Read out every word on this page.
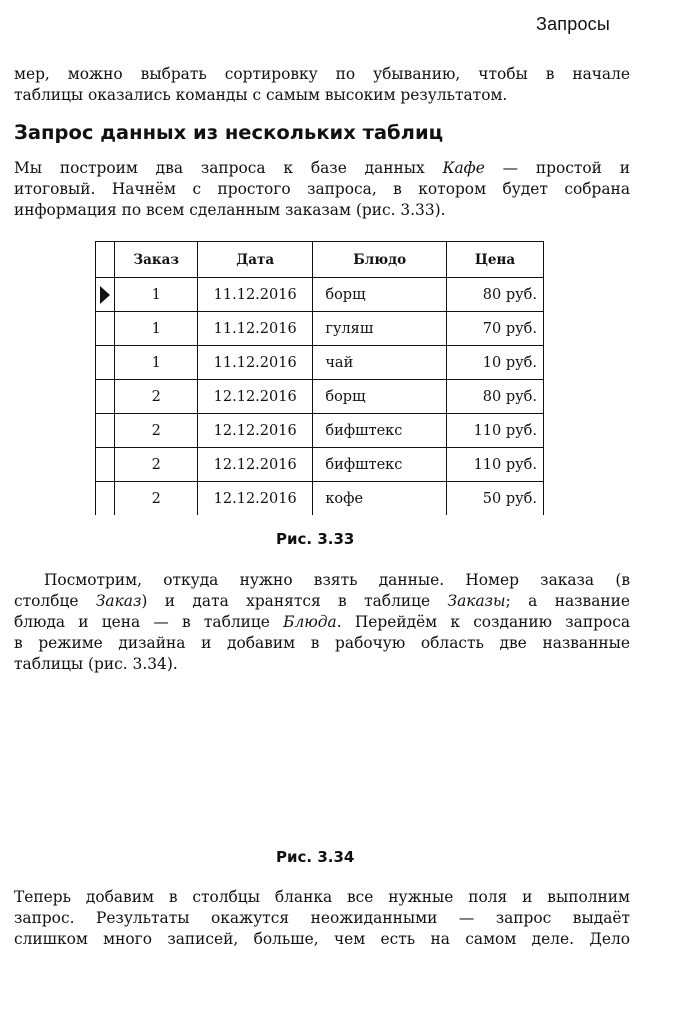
Запросы

мер, можно выбрать сортировку по убыванию, чтобы в начале
таблицы оказались команды с самым высоким результатом.

Запрос данных из нескольких таблиц

Мы построим два запроса к базе данных Кафе — простой и
итоговый. Начнём с простого запроса, в котором будет собрана
информация по всем сделанным заказам (рис. 3.33).

	Заказ	Дата	Блюдо	Цена
	1	11.12.2016	борщ	80 руб.
	1	11.12.2016	гуляш	70 руб.
	1	11.12.2016	чай	10 руб.
	2	12.12.2016	борщ	80 руб.
	2	12.12.2016	бифштекс	110 руб.
	2	12.12.2016	бифштекс	110 руб.
	2	12.12.2016	кофе	50 руб.
Рис. 3.33

Посмотрим, откуда нужно взять данные. Номер заказа (в
столбце Заказ) и дата хранятся в таблице Заказы; а название
блюда и цена — в таблице Блюда. Перейдём к созданию запроса
в режиме дизайна и добавим в рабочую область две названные
таблицы (рис. 3.34).

Рис. 3.34

Теперь добавим в столбцы бланка все нужные поля и выполним
запрос. Результаты окажутся неожиданными — запрос выдаёт
слишком много записей, больше, чем есть на самом деле. Дело
